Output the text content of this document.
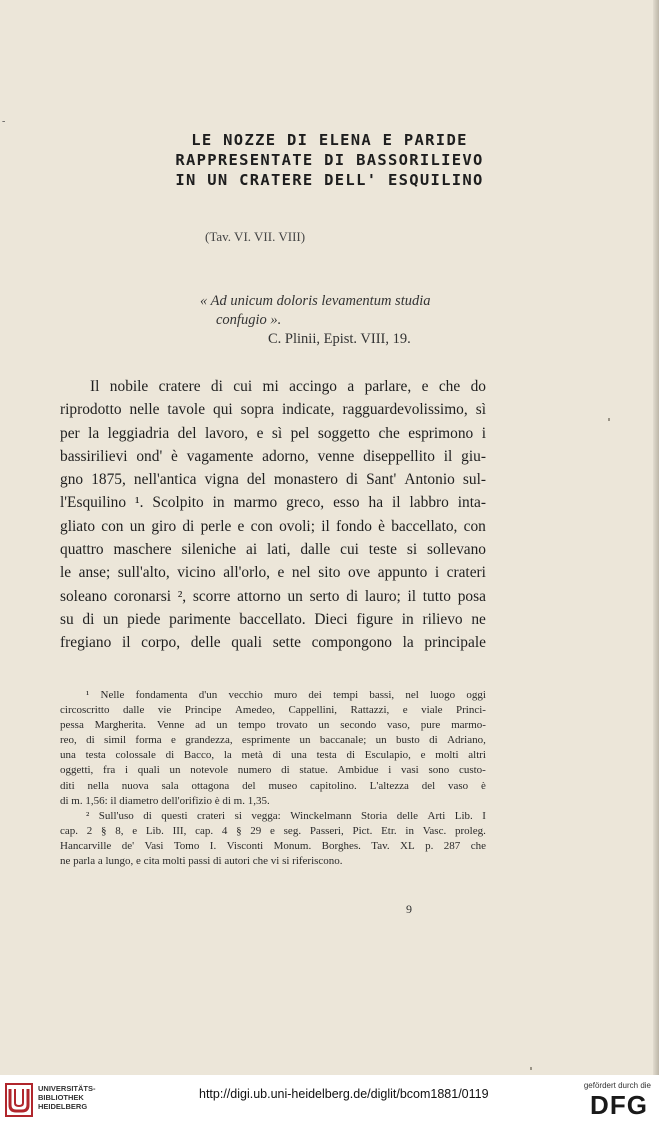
-
LE NOZZE DI ELENA E PARIDE
RAPPRESENTATE DI BASSORILIEVO
IN UN CRATERE DELL' ESQUILINO
(Tav. VI. VII. VIII)
« Ad unicum doloris levamentum studia
confugio ».
C. Plinii, Epist. VIII, 19.
Il nobile cratere di cui mi accingo a parlare, e che do
riprodotto nelle tavole qui sopra indicate, ragguardevolissimo, sì
per la leggiadria del lavoro, e sì pel soggetto che esprimono i
bassirilievi ond' è vagamente adorno, venne diseppellito il giu-
gno 1875, nell'antica vigna del monastero di Sant' Antonio sul-
l'Esquilino ¹. Scolpito in marmo greco, esso ha il labbro inta-
gliato con un giro di perle e con ovoli; il fondo è baccellato, con
quattro maschere sileniche ai lati, dalle cui teste si sollevano
le anse; sull'alto, vicino all'orlo, e nel sito ove appunto i crateri
soleano coronarsi ², scorre attorno un serto di lauro; il tutto posa
su di un piede parimente baccellato. Dieci figure in rilievo ne
fregiano il corpo, delle quali sette compongono la principale
¹ Nelle fondamenta d'un vecchio muro dei tempi bassi, nel luogo oggi
circoscritto dalle vie Principe Amedeo, Cappellini, Rattazzi, e viale Princi-
pessa Margherita. Venne ad un tempo trovato un secondo vaso, pure marmo-
reo, di simil forma e grandezza, esprimente un baccanale; un busto di Adriano,
una testa colossale di Bacco, la metà di una testa di Esculapio, e molti altri
oggetti, fra i quali un notevole numero di statue. Ambidue i vasi sono custo-
diti nella nuova sala ottagona del museo capitolino. L'altezza del vaso è
di m. 1,56: il diametro dell'orifizio è di m. 1,35.
² Sull'uso di questi crateri si vegga: Winckelmann Storia delle Arti Lib. I
cap. 2 § 8, e Lib. III, cap. 4 § 29 e seg. Passeri, Pict. Etr. in Vasc. proleg.
Hancarville de' Vasi Tomo I. Visconti Monum. Borghes. Tav. XL p. 287 che
ne parla a lungo, e cita molti passi di autori che vi si riferiscono.
9
UNIVERSITÄTS-
BIBLIOTHEK
HEIDELBERG
http://digi.ub.uni-heidelberg.de/diglit/bcom1881/0119
gefördert durch die
DFG
